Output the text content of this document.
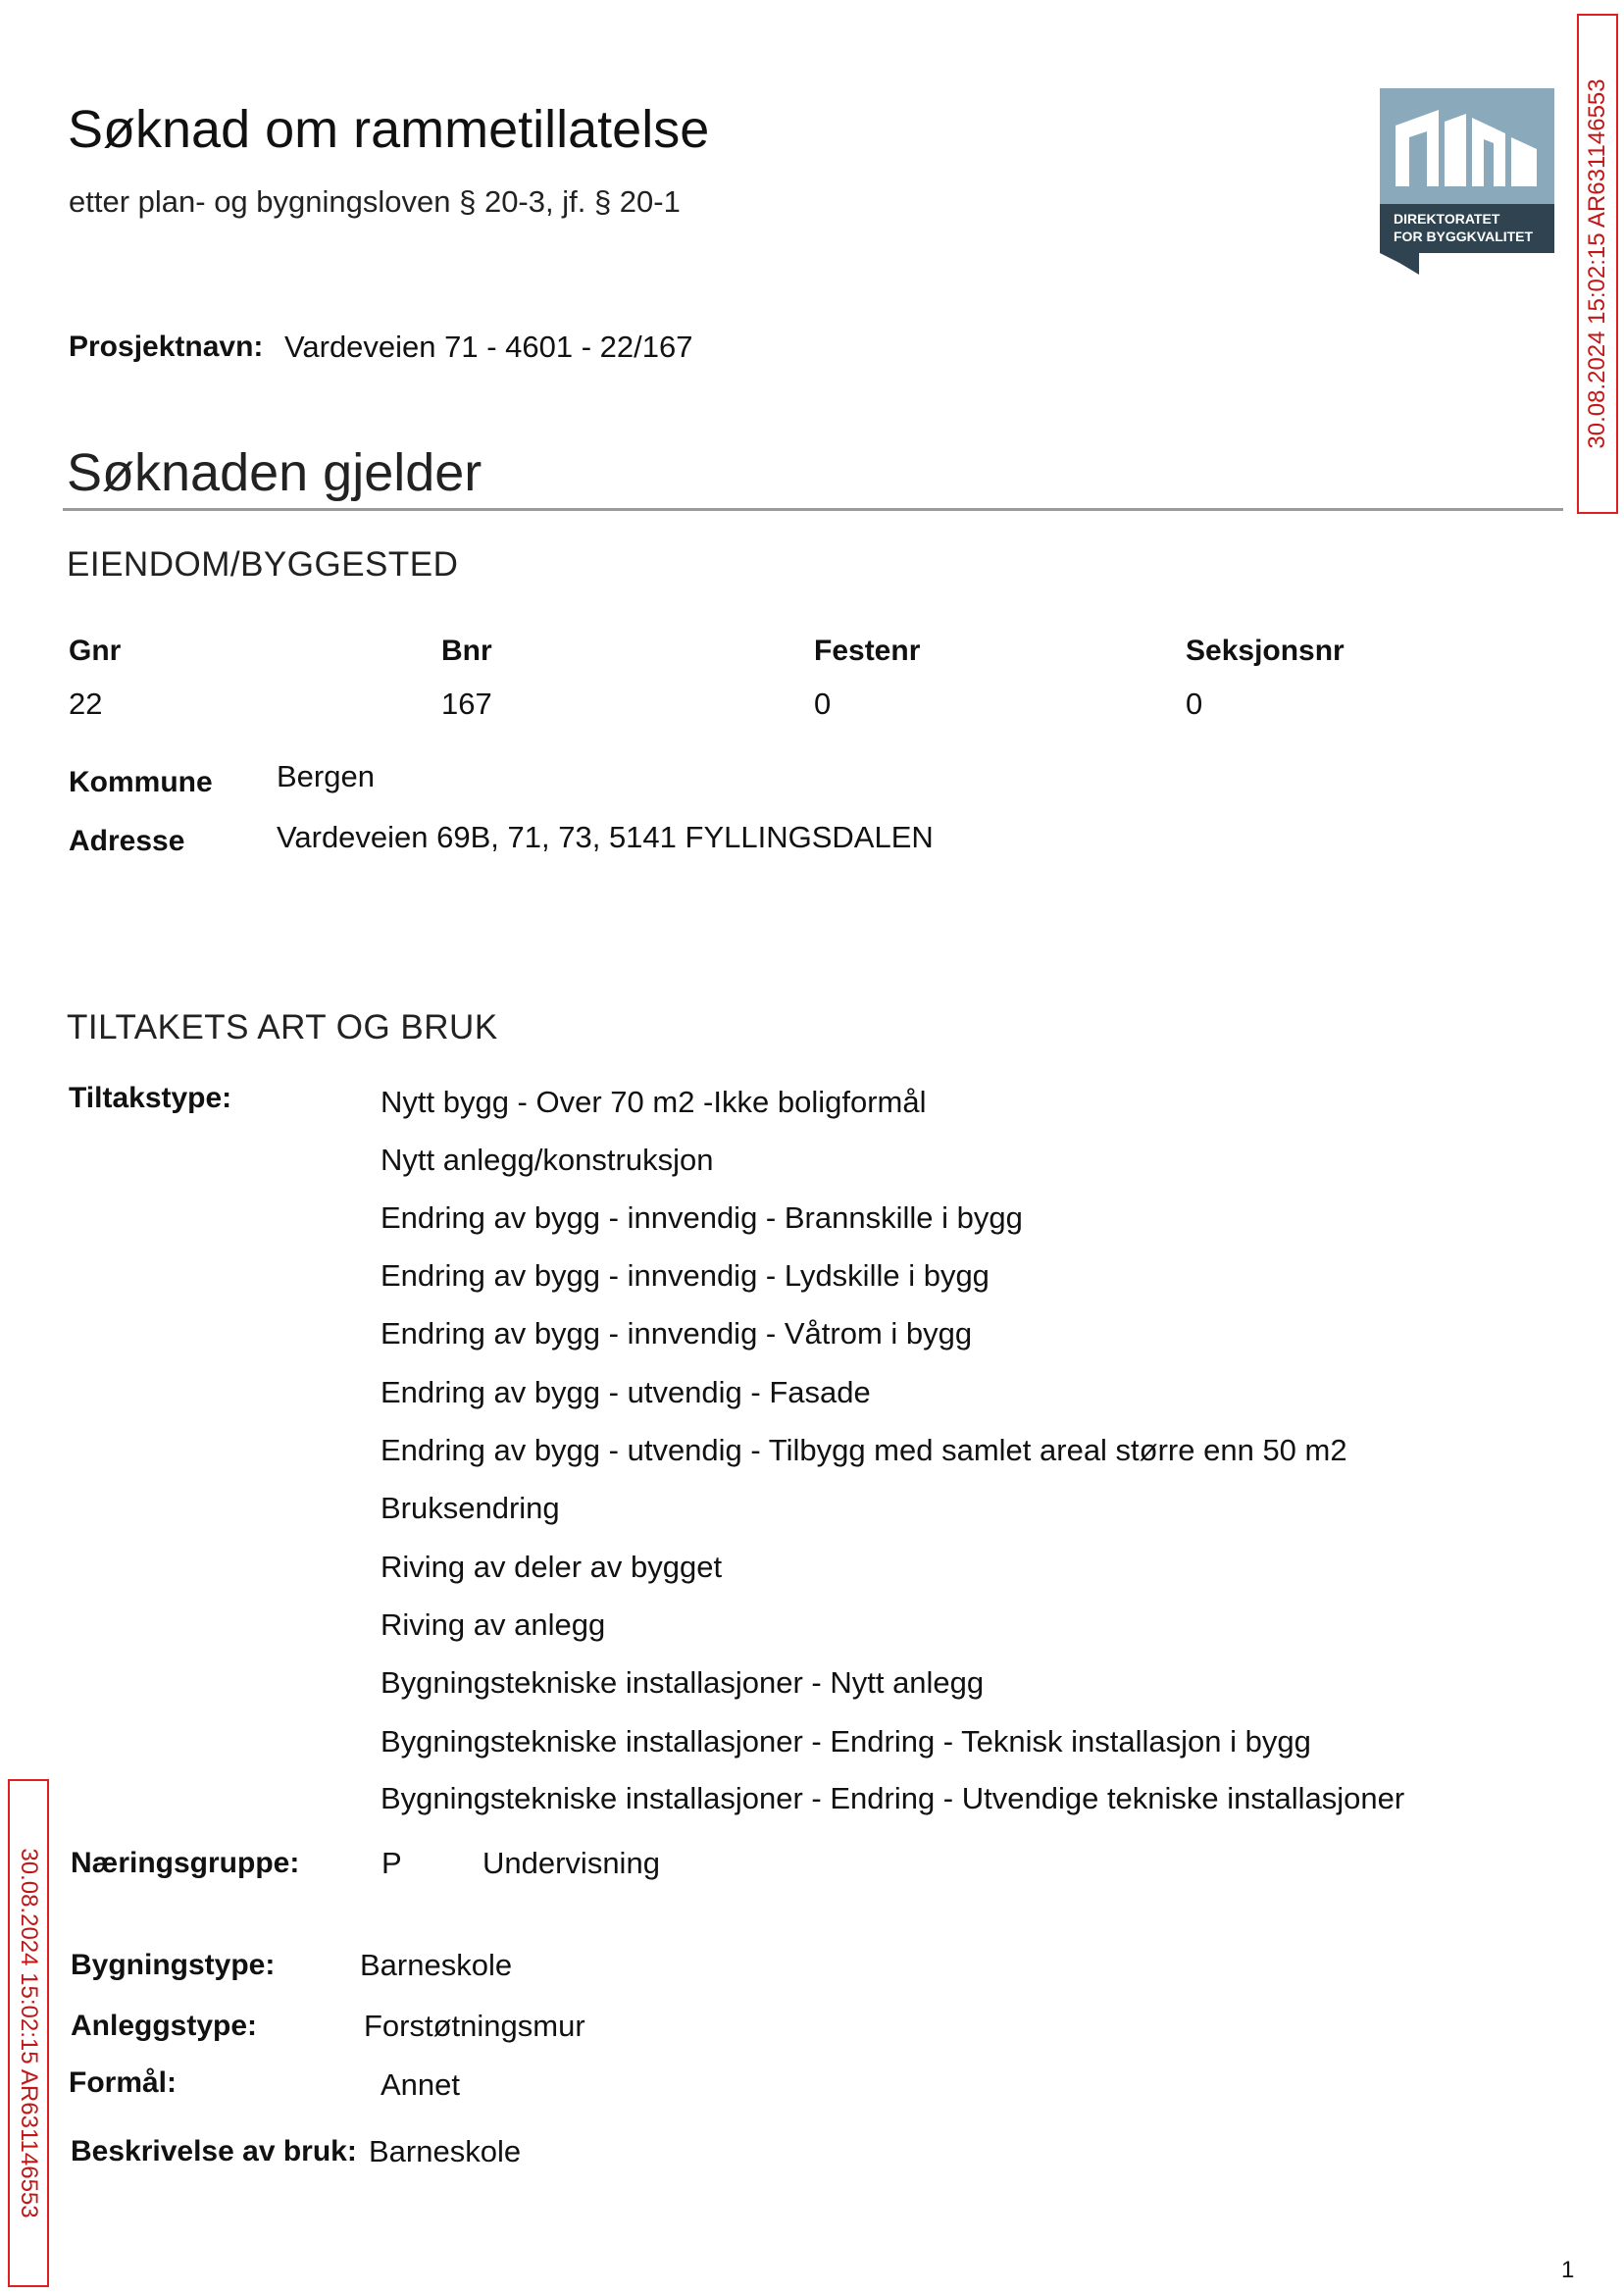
Søknad om rammetillatelse
etter plan- og bygningsloven § 20-3, jf. § 20-1	DIREKTORATET
FOR BYGGKVALITET 30.08.2024 15:02:15 AR631146553
Prosjektnavn: Vardeveien 71 - 4601 - 22/167
Søknaden gjelder
EIENDOM/BYGGESTED
Gnr	Bnr	Festenr	Seksjonsnr
22	167	0	0
Kommune Bergen
Adresse	Vardeveien 69B, 71, 73, 5141 FYLLINGSDALEN
TILTAKETS ART OG BRUK
Tiltakstype:	Nytt bygg - Over 70 m2 -Ikke boligformål
Nytt anlegg/konstruksjon
Endring av bygg - innvendig - Brannskille i bygg
Endring av bygg - innvendig - Lydskille i bygg
Endring av bygg - innvendig - Våtrom i bygg
Endring av bygg - utvendig - Fasade
Endring av bygg - utvendig - Tilbygg med samlet areal større enn 50 m2
Bruksendring
Riving av deler av bygget
Riving av anlegg
Bygningstekniske installasjoner - Nytt anlegg
Bygningstekniske installasjoner - Endring - Teknisk installasjon i bygg
Bygningstekniske installasjoner - Endring - Utvendige tekniske installasjoner
Næringsgruppe:	P	Undervisning
Bygningstype:	Barneskole
Anleggstype:	Forstøtningsmur
Formål:	Annet
Beskrivelse av bruk: Barneskole
30.08.2024 15:02:15 AR631146553
1
